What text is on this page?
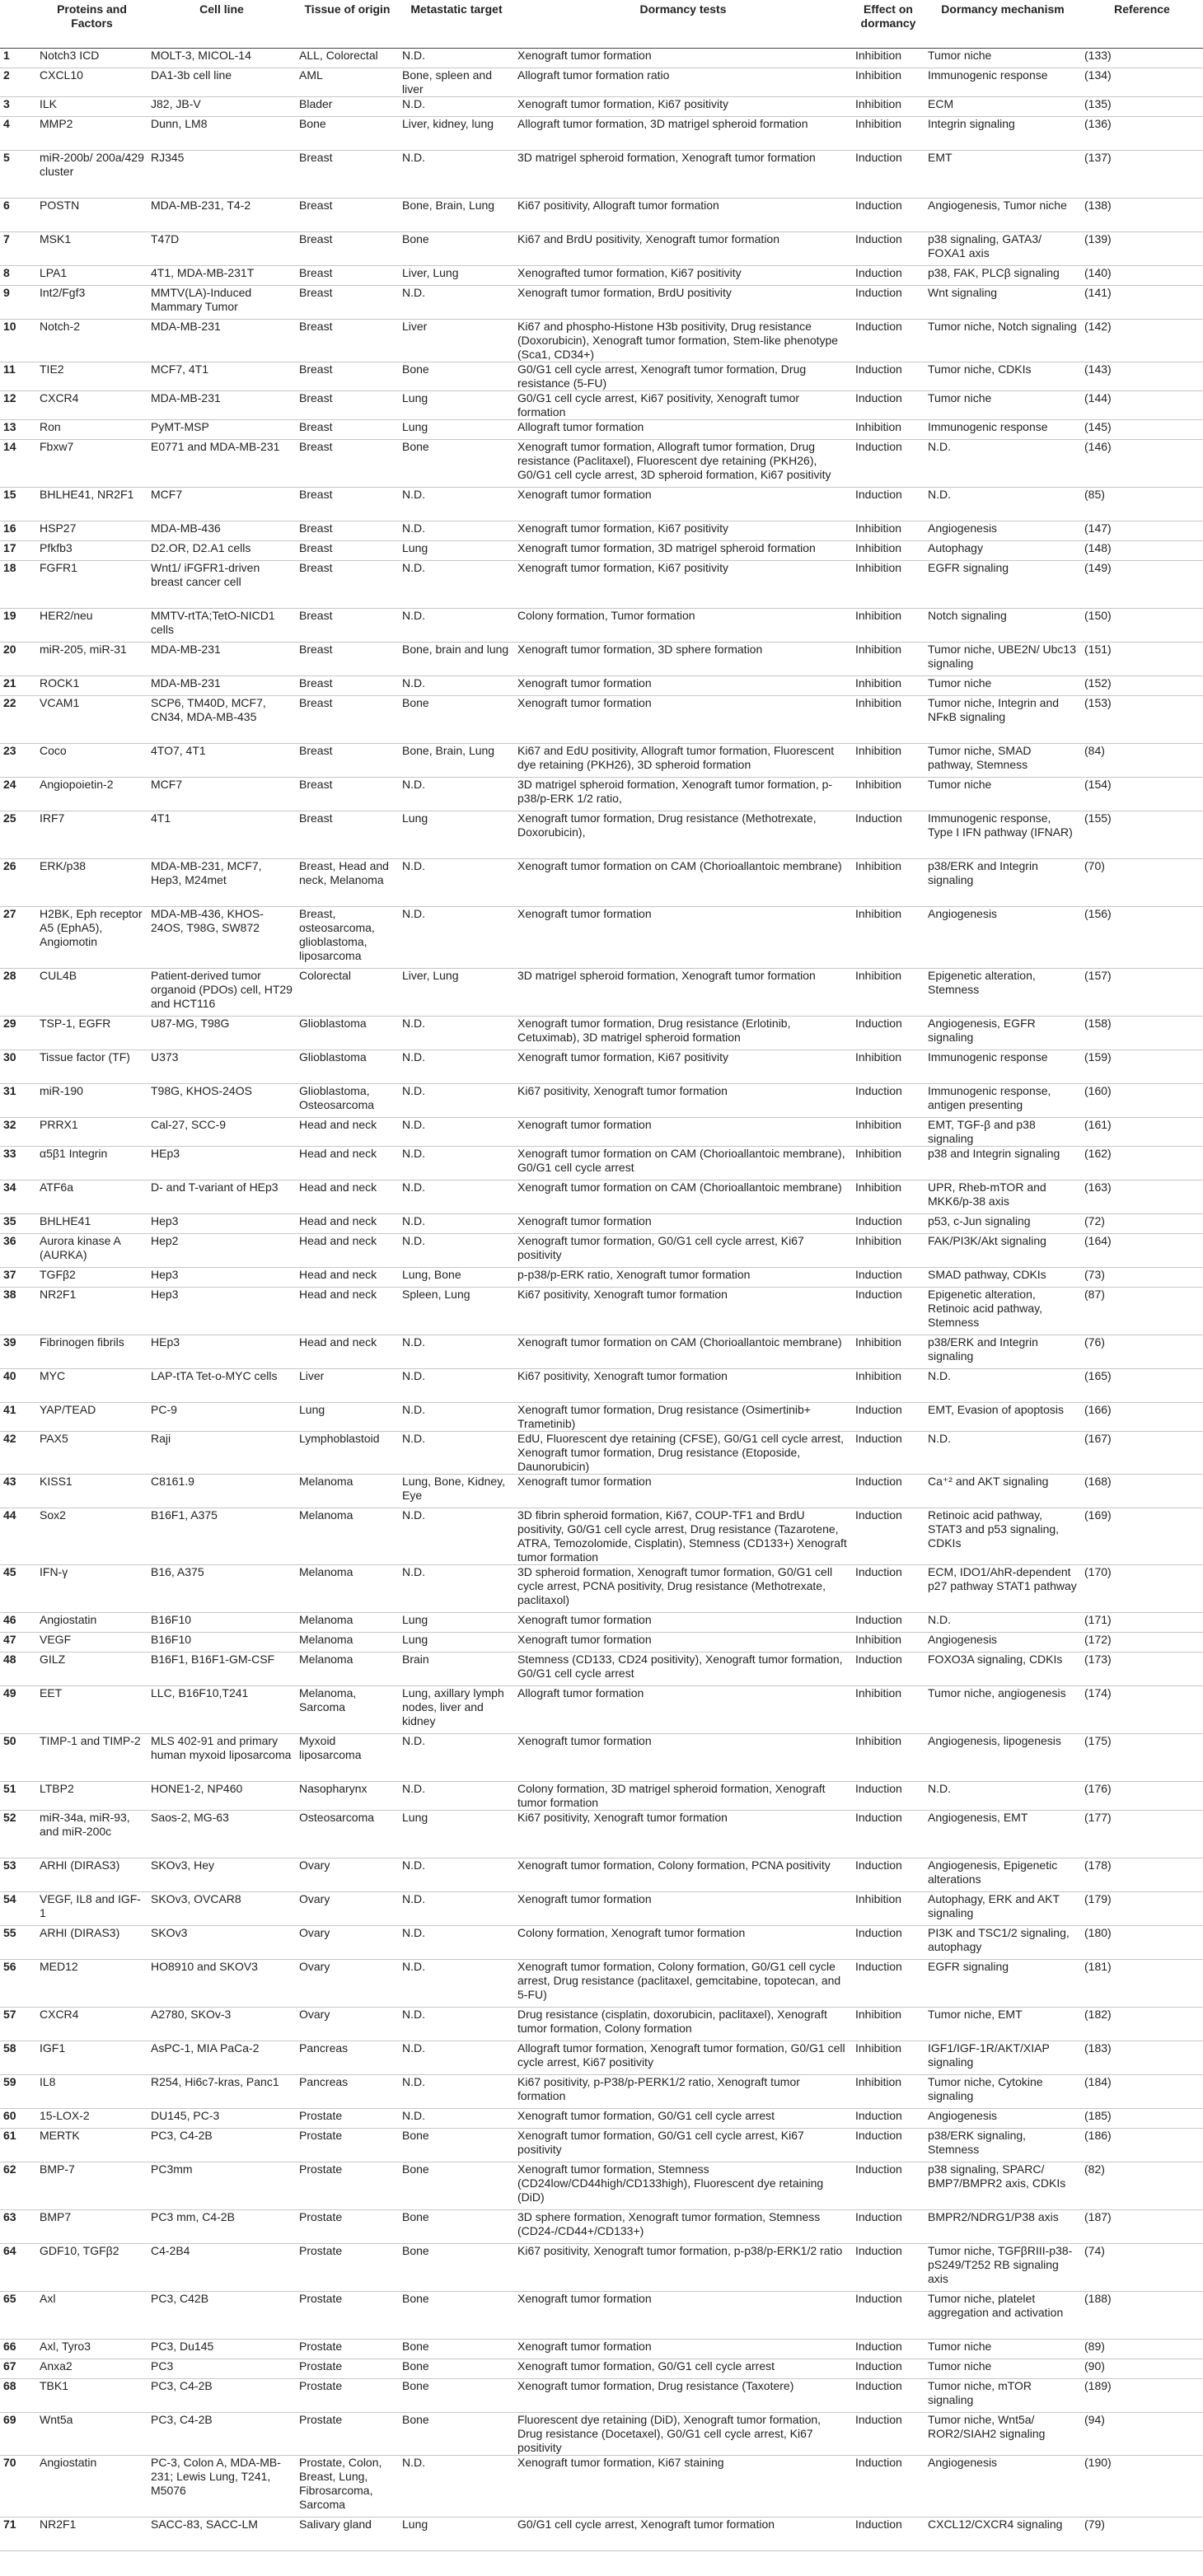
	Proteins and Factors	Cell line	Tissue of origin	Metastatic target	Dormancy tests	Effect on dormancy	Dormancy mechanism	Reference
1	Notch3 ICD	MOLT-3, MICOL-14	ALL, Colorectal	N.D.	Xenograft tumor formation	Inhibition	Tumor niche	(133)
2	CXCL10	DA1-3b cell line	AML	Bone, spleen and liver	Allograft tumor formation ratio	Inhibition	Immunogenic response	(134)
3	ILK	J82, JB-V	Blader	N.D.	Xenograft tumor formation, Ki67 positivity	Inhibition	ECM	(135)
4	MMP2	Dunn, LM8	Bone	Liver, kidney, lung	Allograft tumor formation, 3D matrigel spheroid formation	Inhibition	Integrin signaling	(136)
5	miR-200b/ 200a/429 cluster	RJ345	Breast	N.D.	3D matrigel spheroid formation, Xenograft tumor formation	Induction	EMT	(137)
6	POSTN	MDA-MB-231, T4-2	Breast	Bone, Brain, Lung	Ki67 positivity, Allograft tumor formation	Induction	Angiogenesis, Tumor niche	(138)
7	MSK1	T47D	Breast	Bone	Ki67 and BrdU positivity, Xenograft tumor formation	Induction	p38 signaling, GATA3/ FOXA1 axis	(139)
8	LPA1	4T1, MDA-MB-231T	Breast	Liver, Lung	Xenografted tumor formation, Ki67 positivity	Induction	p38, FAK, PLCβ signaling	(140)
9	Int2/Fgf3	MMTV(LA)-Induced Mammary Tumor	Breast	N.D.	Xenograft tumor formation, BrdU positivity	Induction	Wnt signaling	(141)
10	Notch-2	MDA-MB-231	Breast	Liver	Ki67 and phospho-Histone H3b positivity, Drug resistance (Doxorubicin), Xenograft tumor formation, Stem-like phenotype (Sca1, CD34+)	Induction	Tumor niche, Notch signaling	(142)
11	TIE2	MCF7, 4T1	Breast	Bone	G0/G1 cell cycle arrest, Xenograft tumor formation, Drug resistance (5-FU)	Induction	Tumor niche, CDKIs	(143)
12	CXCR4	MDA-MB-231	Breast	Lung	G0/G1 cell cycle arrest, Ki67 positivity, Xenograft tumor formation	Induction	Tumor niche	(144)
13	Ron	PyMT-MSP	Breast	Lung	Allograft tumor formation	Inhibition	Immunogenic response	(145)
14	Fbxw7	E0771 and MDA-MB-231	Breast	Bone	Xenograft tumor formation, Allograft tumor formation, Drug resistance (Paclitaxel), Fluorescent dye retaining (PKH26), G0/G1 cell cycle arrest, 3D spheroid formation, Ki67 positivity	Induction	N.D.	(146)
15	BHLHE41, NR2F1	MCF7	Breast	N.D.	Xenograft tumor formation	Induction	N.D.	(85)
16	HSP27	MDA-MB-436	Breast	N.D.	Xenograft tumor formation, Ki67 positivity	Inhibition	Angiogenesis	(147)
17	Pfkfb3	D2.OR, D2.A1 cells	Breast	Lung	Xenograft tumor formation, 3D matrigel spheroid formation	Inhibition	Autophagy	(148)
18	FGFR1	Wnt1/ iFGFR1-driven breast cancer cell	Breast	N.D.	Xenograft tumor formation, Ki67 positivity	Inhibition	EGFR signaling	(149)
19	HER2/neu	MMTV-rtTA;TetO-NICD1 cells	Breast	N.D.	Colony formation, Tumor formation	Inhibition	Notch signaling	(150)
20	miR-205, miR-31	MDA-MB-231	Breast	Bone, brain and lung	Xenograft tumor formation, 3D sphere formation	Inhibition	Tumor niche, UBE2N/ Ubc13 signaling	(151)
21	ROCK1	MDA-MB-231	Breast	N.D.	Xenograft tumor formation	Inhibition	Tumor niche	(152)
22	VCAM1	SCP6, TM40D, MCF7, CN34, MDA-MB-435	Breast	Bone	Xenograft tumor formation	Inhibition	Tumor niche, Integrin and NFκB signaling	(153)
23	Coco	4TO7, 4T1	Breast	Bone, Brain, Lung	Ki67 and EdU positivity, Allograft tumor formation, Fluorescent dye retaining (PKH26), 3D spheroid formation	Inhibition	Tumor niche, SMAD pathway, Stemness	(84)
24	Angiopoietin-2	MCF7	Breast	N.D.	3D matrigel spheroid formation, Xenograft tumor formation, p-p38/p-ERK 1/2 ratio,	Inhibition	Tumor niche	(154)
25	IRF7	4T1	Breast	Lung	Xenograft tumor formation, Drug resistance (Methotrexate, Doxorubicin),	Induction	Immunogenic response, Type I IFN pathway (IFNAR)	(155)
26	ERK/p38	MDA-MB-231, MCF7, Hep3, M24met	Breast, Head and neck, Melanoma	N.D.	Xenograft tumor formation on CAM (Chorioallantoic membrane)	Inhibition	p38/ERK and Integrin signaling	(70)
27	H2BK, Eph receptor A5 (EphA5), Angiomotin	MDA-MB-436, KHOS-24OS, T98G, SW872	Breast, osteosarcoma, glioblastoma, liposarcoma	N.D.	Xenograft tumor formation	Inhibition	Angiogenesis	(156)
28	CUL4B	Patient-derived tumor organoid (PDOs) cell, HT29 and HCT116	Colorectal	Liver, Lung	3D matrigel spheroid formation, Xenograft tumor formation	Inhibition	Epigenetic alteration, Stemness	(157)
29	TSP-1, EGFR	U87-MG, T98G	Glioblastoma	N.D.	Xenograft tumor formation, Drug resistance (Erlotinib, Cetuximab), 3D matrigel spheroid formation	Induction	Angiogenesis, EGFR signaling	(158)
30	Tissue factor (TF)	U373	Glioblastoma	N.D.	Xenograft tumor formation, Ki67 positivity	Inhibition	Immunogenic response	(159)
31	miR-190	T98G, KHOS-24OS	Glioblastoma, Osteosarcoma	N.D.	Ki67 positivity, Xenograft tumor formation	Induction	Immunogenic response, antigen presenting	(160)
32	PRRX1	Cal-27, SCC-9	Head and neck	N.D.	Xenograft tumor formation	Inhibition	EMT, TGF-β and p38 signaling	(161)
33	α5β1 Integrin	HEp3	Head and neck	N.D.	Xenograft tumor formation on CAM (Chorioallantoic membrane), G0/G1 cell cycle arrest	Inhibition	p38 and Integrin signaling	(162)
34	ATF6a	D- and T-variant of HEp3	Head and neck	N.D.	Xenograft tumor formation on CAM (Chorioallantoic membrane)	Inhibition	UPR, Rheb-mTOR and MKK6/p-38 axis	(163)
35	BHLHE41	Hep3	Head and neck	N.D.	Xenograft tumor formation	Induction	p53, c-Jun signaling	(72)
36	Aurora kinase A (AURKA)	Hep2	Head and neck	N.D.	Xenograft tumor formation, G0/G1 cell cycle arrest, Ki67 positivity	Inhibition	FAK/PI3K/Akt signaling	(164)
37	TGFβ2	Hep3	Head and neck	Lung, Bone	p-p38/p-ERK ratio, Xenograft tumor formation	Induction	SMAD pathway, CDKIs	(73)
38	NR2F1	Hep3	Head and neck	Spleen, Lung	Ki67 positivity, Xenograft tumor formation	Induction	Epigenetic alteration, Retinoic acid pathway, Stemness	(87)
39	Fibrinogen fibrils	HEp3	Head and neck	N.D.	Xenograft tumor formation on CAM (Chorioallantoic membrane)	Inhibition	p38/ERK and Integrin signaling	(76)
40	MYC	LAP-tTA Tet-o-MYC cells	Liver	N.D.	Ki67 positivity, Xenograft tumor formation	Inhibition	N.D.	(165)
41	YAP/TEAD	PC-9	Lung	N.D.	Xenograft tumor formation, Drug resistance (Osimertinib+ Trametinib)	Induction	EMT, Evasion of apoptosis	(166)
42	PAX5	Raji	Lymphoblastoid	N.D.	EdU, Fluorescent dye retaining (CFSE), G0/G1 cell cycle arrest, Xenograft tumor formation, Drug resistance (Etoposide, Daunorubicin)	Induction	N.D.	(167)
43	KISS1	C8161.9	Melanoma	Lung, Bone, Kidney, Eye	Xenograft tumor formation	Induction	Ca⁺² and AKT signaling	(168)
44	Sox2	B16F1, A375	Melanoma	N.D.	3D fibrin spheroid formation, Ki67, COUP-TF1 and BrdU positivity, G0/G1 cell cycle arrest, Drug resistance (Tazarotene, ATRA, Temozolomide, Cisplatin), Stemness (CD133+) Xenograft tumor formation	Induction	Retinoic acid pathway, STAT3 and p53 signaling, CDKIs	(169)
45	IFN-γ	B16, A375	Melanoma	N.D.	3D spheroid formation, Xenograft tumor formation, G0/G1 cell cycle arrest, PCNA positivity, Drug resistance (Methotrexate, paclitaxol)	Induction	ECM, IDO1/AhR-dependent p27 pathway STAT1 pathway	(170)
46	Angiostatin	B16F10	Melanoma	Lung	Xenograft tumor formation	Induction	N.D.	(171)
47	VEGF	B16F10	Melanoma	Lung	Xenograft tumor formation	Inhibition	Angiogenesis	(172)
48	GILZ	B16F1, B16F1-GM-CSF	Melanoma	Brain	Stemness (CD133, CD24 positivity), Xenograft tumor formation, G0/G1 cell cycle arrest	Induction	FOXO3A signaling, CDKIs	(173)
49	EET	LLC, B16F10,T241	Melanoma, Sarcoma	Lung, axillary lymph nodes, liver and kidney	Allograft tumor formation	Inhibition	Tumor niche, angiogenesis	(174)
50	TIMP-1 and TIMP-2	MLS 402-91 and primary human myxoid liposarcoma	Myxoid liposarcoma	N.D.	Xenograft tumor formation	Inhibition	Angiogenesis, lipogenesis	(175)
51	LTBP2	HONE1-2, NP460	Nasopharynx	N.D.	Colony formation, 3D matrigel spheroid formation, Xenograft tumor formation	Induction	N.D.	(176)
52	miR-34a, miR-93, and miR-200c	Saos-2, MG-63	Osteosarcoma	Lung	Ki67 positivity, Xenograft tumor formation	Induction	Angiogenesis, EMT	(177)
53	ARHI (DIRAS3)	SKOv3, Hey	Ovary	N.D.	Xenograft tumor formation, Colony formation, PCNA positivity	Induction	Angiogenesis, Epigenetic alterations	(178)
54	VEGF, IL8 and IGF-1	SKOv3, OVCAR8	Ovary	N.D.	Xenograft tumor formation	Inhibition	Autophagy, ERK and AKT signaling	(179)
55	ARHI (DIRAS3)	SKOv3	Ovary	N.D.	Colony formation, Xenograft tumor formation	Induction	PI3K and TSC1/2 signaling, autophagy	(180)
56	MED12	HO8910 and SKOV3	Ovary	N.D.	Xenograft tumor formation, Colony formation, G0/G1 cell cycle arrest, Drug resistance (paclitaxel, gemcitabine, topotecan, and 5-FU)	Induction	EGFR signaling	(181)
57	CXCR4	A2780, SKOv-3	Ovary	N.D.	Drug resistance (cisplatin, doxorubicin, paclitaxel), Xenograft tumor formation, Colony formation	Inhibition	Tumor niche, EMT	(182)
58	IGF1	AsPC-1, MIA PaCa-2	Pancreas	N.D.	Allograft tumor formation, Xenograft tumor formation, G0/G1 cell cycle arrest, Ki67 positivity	Inhibition	IGF1/IGF-1R/AKT/XIAP signaling	(183)
59	IL8	R254, Hi6c7-kras, Panc1	Pancreas	N.D.	Ki67 positivity, p-P38/p-PERK1/2 ratio, Xenograft tumor formation	Inhibition	Tumor niche, Cytokine signaling	(184)
60	15-LOX-2	DU145, PC-3	Prostate	N.D.	Xenograft tumor formation, G0/G1 cell cycle arrest	Induction	Angiogenesis	(185)
61	MERTK	PC3, C4-2B	Prostate	Bone	Xenograft tumor formation, G0/G1 cell cycle arrest, Ki67 positivity	Induction	p38/ERK signaling, Stemness	(186)
62	BMP-7	PC3mm	Prostate	Bone	Xenograft tumor formation, Stemness (CD24low/CD44high/CD133high), Fluorescent dye retaining (DiD)	Induction	p38 signaling, SPARC/ BMP7/BMPR2 axis, CDKIs	(82)
63	BMP7	PC3 mm, C4-2B	Prostate	Bone	3D sphere formation, Xenograft tumor formation, Stemness (CD24-/CD44+/CD133+)	Induction	BMPR2/NDRG1/P38 axis	(187)
64	GDF10, TGFβ2	C4-2B4	Prostate	Bone	Ki67 positivity, Xenograft tumor formation, p-p38/p-ERK1/2 ratio	Induction	Tumor niche, TGFβRIII-p38-pS249/T252 RB signaling axis	(74)
65	Axl	PC3, C42B	Prostate	Bone	Xenograft tumor formation	Induction	Tumor niche, platelet aggregation and activation	(188)
66	Axl, Tyro3	PC3, Du145	Prostate	Bone	Xenograft tumor formation	Induction	Tumor niche	(89)
67	Anxa2	PC3	Prostate	Bone	Xenograft tumor formation, G0/G1 cell cycle arrest	Induction	Tumor niche	(90)
68	TBK1	PC3, C4-2B	Prostate	Bone	Xenograft tumor formation, Drug resistance (Taxotere)	Induction	Tumor niche, mTOR signaling	(189)
69	Wnt5a	PC3, C4-2B	Prostate	Bone	Fluorescent dye retaining (DiD), Xenograft tumor formation, Drug resistance (Docetaxel), G0/G1 cell cycle arrest, Ki67 positivity	Induction	Tumor niche, Wnt5a/ ROR2/SIAH2 signaling	(94)
70	Angiostatin	PC-3, Colon A, MDA-MB-231; Lewis Lung, T241, M5076	Prostate, Colon, Breast, Lung, Fibrosarcoma, Sarcoma	N.D.	Xenograft tumor formation, Ki67 staining	Induction	Angiogenesis	(190)
71	NR2F1	SACC-83, SACC-LM	Salivary gland	Lung	G0/G1 cell cycle arrest, Xenograft tumor formation	Induction	CXCL12/CXCR4 signaling	(79)
